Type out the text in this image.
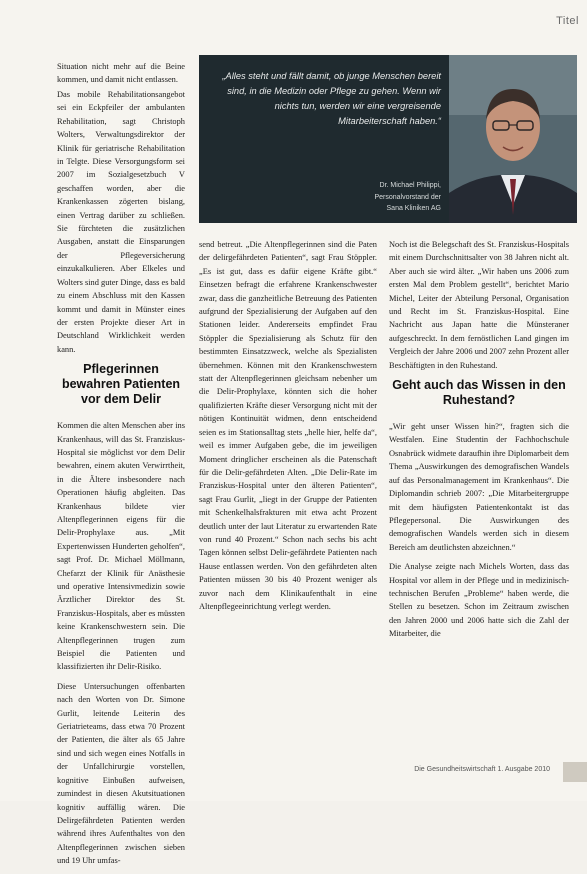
Titel

„Alles steht und fällt damit, ob junge Menschen bereit sind, in die Medizin oder Pflege zu gehen. Wenn wir nichts tun, werden wir eine vergreisende Mitarbeiterschaft haben.“

Dr. Michael Philippi,
Personalvorstand der
Sana Kliniken AG

Situation nicht mehr auf die Beine kommen, und damit nicht entlassen.

Das mobile Rehabilitationsangebot sei ein Eckpfeiler der ambulanten Rehabilitation, sagt Christoph Wolters, Verwaltungsdirektor der Klinik für geriatrische Rehabilitation in Telgte. Diese Versorgungsform sei 2007 im Sozialgesetzbuch V geschaffen worden, aber die Krankenkassen zögerten bislang, einen Vertrag darüber zu schließen. Sie fürchteten die zusätzlichen Ausgaben, anstatt die Einsparungen der Pflegeversicherung einzukalkulieren. Aber Elkeles und Wolters sind guter Dinge, dass es bald zu einem Abschluss mit den Kassen kommt und damit in Münster eines der ersten Projekte dieser Art in Deutschland Wirklichkeit werden kann.

Pflegerinnen bewahren Patienten vor dem Delir

Kommen die alten Menschen aber ins Krankenhaus, will das St. Franziskus-Hospital sie möglichst vor dem Delir bewahren, einem akuten Verwirrtheit, in die Ältere insbesondere nach Operationen häufig abgleiten. Das Krankenhaus bildete vier Altenpflegerinnen eigens für die Delir-Prophylaxe aus. „Mit Expertenwissen Hunderten geholfen“, sagt Prof. Dr. Michael Möllmann, Chefarzt der Klinik für Anästhesie und operative Intensivmedizin sowie Ärztlicher Direktor des St. Franziskus-Hospitals, aber es müssten keine Krankenschwestern sein. Die Altenpflegerinnen trugen zum Beispiel die Patienten und klassifizierten ihr Delir-Risiko.

Diese Untersuchungen offenbarten nach den Worten von Dr. Simone Gurlit, leitende Leiterin des Geriatrieteams, dass etwa 70 Prozent der Patienten, die älter als 65 Jahre sind und sich wegen eines Notfalls in der Unfallchirurgie vorstellen, kognitive Einbußen aufweisen, zumindest in diesen Akutsituationen kognitiv auffällig wären. Die Delirgefährdeten Patienten werden während ihres Aufenthaltes von den Altenpflegerinnen zwischen sieben und 19 Uhr umfas-

send betreut. „Die Altenpflegerinnen sind die Paten der delirgefährdeten Patienten“, sagt Frau Stöppler. „Es ist gut, dass es dafür eigene Kräfte gibt.“ Einsetzen befragt die erfahrene Krankenschwester zwar, dass die ganzheitliche Betreuung des Patienten aufgrund der Spezialisierung der Aufgaben auf den Stationen leider. Andererseits empfindet Frau Stöppler die Spezialisierung als Schutz für den bestimmten Einsatzzweck, welche als Spezialisten übernehmen. Können mit den Krankenschwestern statt der Altenpflegerinnen gleichsam nebenher um die Delir-Prophylaxe, könnten sich die hoher qualifizierten Kräfte dieser Versorgung nicht mit der nötigen Kontinuität widmen, denn entscheidend seien es im Stationsalltag stets „helle hier, helfe da“, weil es immer Aufgaben gebe, die im jeweiligen Moment dringlicher erscheinen als die Patenschaft für die Delir-gefährdeten Alten. „Die Delir-Rate im Franziskus-Hospital unter den älteren Patienten“, sagt Frau Gurlit, „liegt in der Gruppe der Patienten mit Schenkelhalsfrakturen mit etwa acht Prozent deutlich unter der laut Literatur zu erwartenden Rate von rund 40 Prozent.“ Schon nach sechs bis acht Tagen können selbst Delir-gefährdete Patienten nach Hause entlassen werden. Von den gefährdeten alten Patienten müssen 30 bis 40 Prozent weniger als zuvor nach dem Klinikaufenthalt in eine Altenpflegeeinrichtung verlegt werden.

Noch ist die Belegschaft des St. Franziskus-Hospitals mit einem Durchschnittsalter von 38 Jahren nicht alt. Aber auch sie wird älter. „Wir haben uns 2006 zum ersten Mal dem Problem gestellt“, berichtet Mario Michel, Leiter der Abteilung Personal, Organisation und Recht im St. Franziskus-Hospital. Eine Nachricht aus Japan hatte die Münsteraner aufgeschreckt. In dem fernöstlichen Land gingen im Vergleich der Jahre 2006 und 2007 zehn Prozent aller Beschäftigten in den Ruhestand.

Geht auch das Wissen in den Ruhestand?

„Wir geht unser Wissen hin?“, fragten sich die Westfalen. Eine Studentin der Fachhochschule Osnabrück widmete daraufhin ihre Diplomarbeit dem Thema „Auswirkungen des demografischen Wandels auf das Personalmanagement im Krankenhaus“. Die Diplomandin schrieb 2007: „Die Mitarbeitergruppe mit dem häufigsten Patientenkontakt ist das Pflegepersonal. Die Auswirkungen des demografischen Wandels werden sich in diesem Bereich am deutlichsten abzeichnen.“

Die Analyse zeigte nach Michels Worten, dass das Hospital vor allem in der Pflege und in medizinisch-technischen Berufen „Probleme“ haben werde, die Stellen zu besetzen. Schon im Zeitraum zwischen den Jahren 2000 und 2006 hatte sich die Zahl der Mitarbeiter, die

Die Gesundheitswirtschaft 1. Ausgabe 2010
